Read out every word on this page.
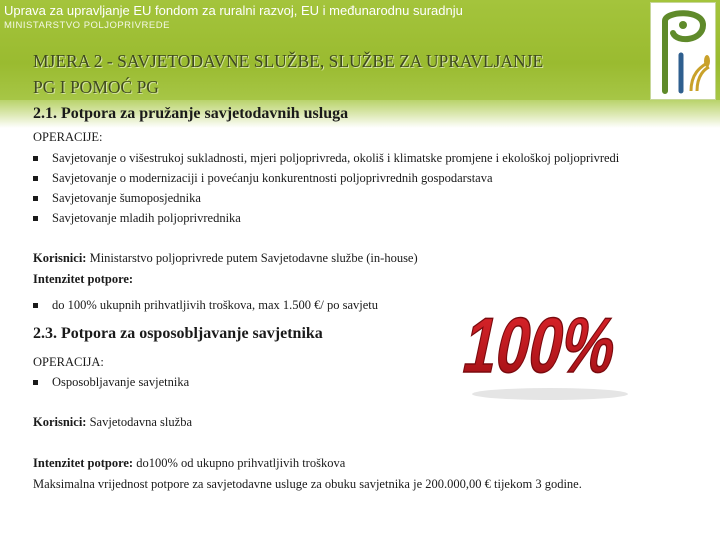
Uprava za upravljanje EU fondom za ruralni razvoj, EU i međunarodnu suradnju
MINISTARSTVO POLJOPRIVREDE
MJERA 2 - SAVJETODAVNE SLUŽBE, SLUŽBE ZA UPRAVLJANJE
PG I POMOĆ PG
2.1. Potpora za pružanje savjetodavnih usluga
OPERACIJE:
Savjetovanje o višestrukoj sukladnosti, mjeri poljoprivreda, okoliš i klimatske promjene i ekološkoj poljoprivredi
Savjetovanje o modernizaciji i povećanju konkurentnosti poljoprivrednih gospodarstava
Savjetovanje šumoposjednika
Savjetovanje mladih poljoprivrednika
Korisnici: Ministarstvo poljoprivrede putem Savjetodavne službe (in-house)
Intenzitet potpore:
do 100% ukupnih prihvatljivih troškova, max 1.500 €/ po savjetu 100%
2.3. Potpora za osposobljavanje savjetnika
OPERACIJA:
Osposobljavanje savjetnika
Korisnici: Savjetodavna služba
Intenzitet potpore: do100% od ukupno prihvatljivih troškova
Maksimalna vrijednost potpore za savjetodavne usluge za obuku savjetnika je 200.000,00 € tijekom 3 godine.
